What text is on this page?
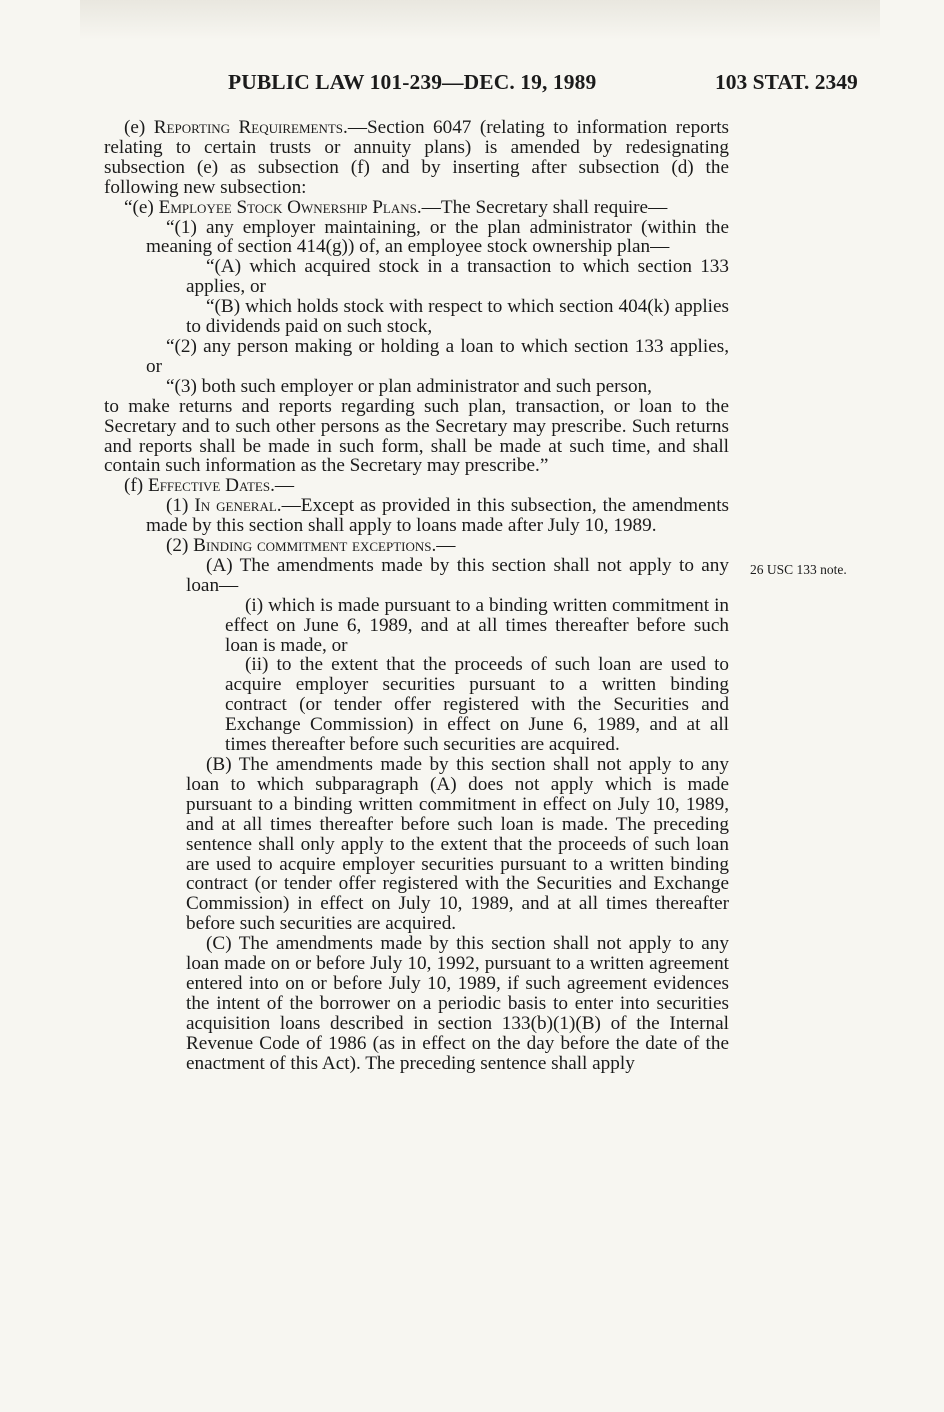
PUBLIC LAW 101-239—DEC. 19, 1989	103 STAT. 2349
26 USC 133 note.

(e) Reporting Requirements.—Section 6047 (relating to information reports relating to certain trusts or annuity plans) is amended by redesignating subsection (e) as subsection (f) and by inserting after subsection (d) the following new subsection:

“(e) Employee Stock Ownership Plans.—The Secretary shall require—

“(1) any employer maintaining, or the plan administrator (within the meaning of section 414(g)) of, an employee stock ownership plan—

“(A) which acquired stock in a transaction to which section 133 applies, or

“(B) which holds stock with respect to which section 404(k) applies to dividends paid on such stock,

“(2) any person making or holding a loan to which section 133 applies, or

“(3) both such employer or plan administrator and such person,

to make returns and reports regarding such plan, transaction, or loan to the Secretary and to such other persons as the Secretary may prescribe. Such returns and reports shall be made in such form, shall be made at such time, and shall contain such information as the Secretary may prescribe.”

(f) Effective Dates.—

(1) In general.—Except as provided in this subsection, the amendments made by this section shall apply to loans made after July 10, 1989.

(2) Binding commitment exceptions.—

(A) The amendments made by this section shall not apply to any loan—

(i) which is made pursuant to a binding written commitment in effect on June 6, 1989, and at all times thereafter before such loan is made, or

(ii) to the extent that the proceeds of such loan are used to acquire employer securities pursuant to a written binding contract (or tender offer registered with the Securities and Exchange Commission) in effect on June 6, 1989, and at all times thereafter before such securities are acquired.

(B) The amendments made by this section shall not apply to any loan to which subparagraph (A) does not apply which is made pursuant to a binding written commitment in effect on July 10, 1989, and at all times thereafter before such loan is made. The preceding sentence shall only apply to the extent that the proceeds of such loan are used to acquire employer securities pursuant to a written binding contract (or tender offer registered with the Securities and Exchange Commission) in effect on July 10, 1989, and at all times thereafter before such securities are acquired.

(C) The amendments made by this section shall not apply to any loan made on or before July 10, 1992, pursuant to a written agreement entered into on or before July 10, 1989, if such agreement evidences the intent of the borrower on a periodic basis to enter into securities acquisition loans described in section 133(b)(1)(B) of the Internal Revenue Code of 1986 (as in effect on the day before the date of the enactment of this Act). The preceding sentence shall apply
